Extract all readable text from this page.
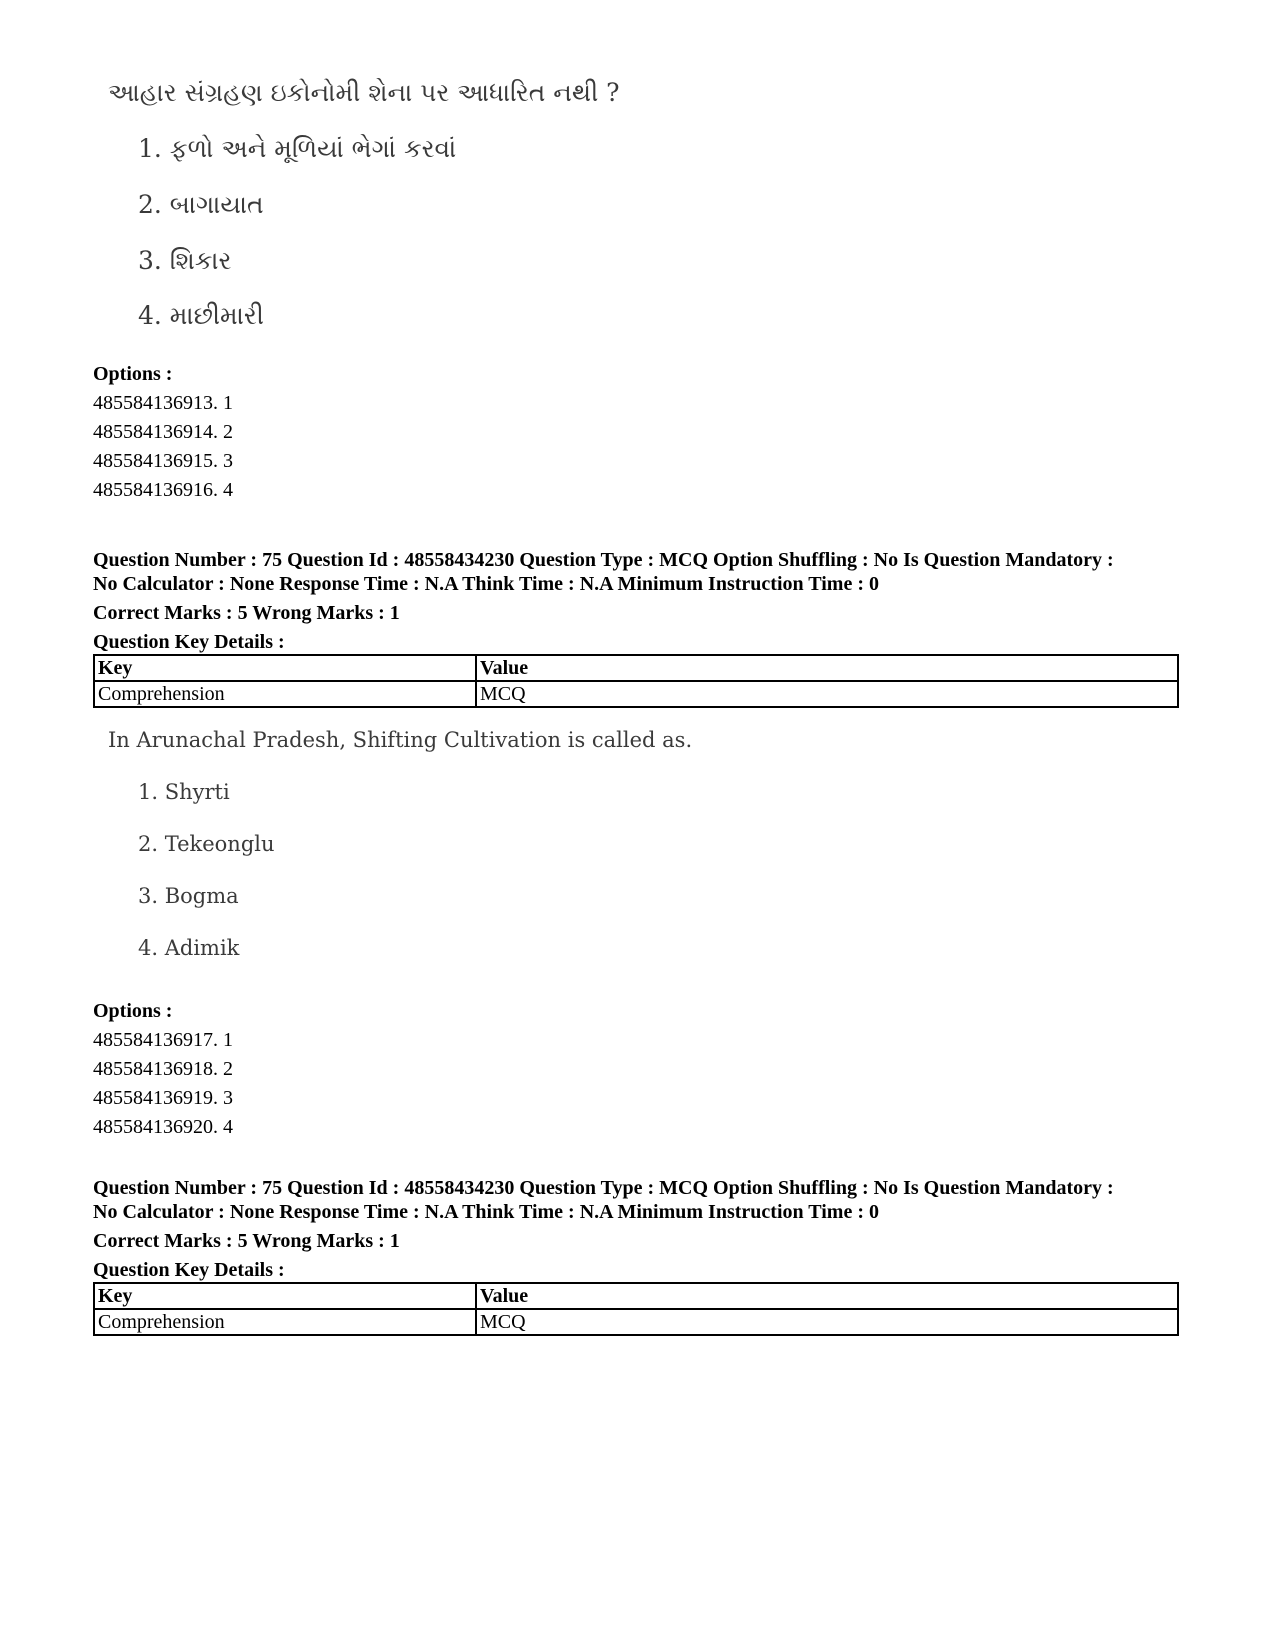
આહાર સંગ્રહણ ઇકોનોમી શેના પર આધારિત નથી ?
1. ફળો અને મૂળિયાં ભેગાં કરવાં
2. બાગાયાત
3. શિકાર
4. માછીમારી
Options :
485584136913. 1
485584136914. 2
485584136915. 3
485584136916. 4
Question Number : 75 Question Id : 48558434230 Question Type : MCQ Option Shuffling : No Is Question Mandatory :
No Calculator : None Response Time : N.A Think Time : N.A Minimum Instruction Time : 0
Correct Marks : 5 Wrong Marks : 1
Question Key Details :
Key	Value
Comprehension	MCQ
In Arunachal Pradesh, Shifting Cultivation is called as.
1. Shyrti
2. Tekeonglu
3. Bogma
4. Adimik
Options :
485584136917. 1
485584136918. 2
485584136919. 3
485584136920. 4
Question Number : 75 Question Id : 48558434230 Question Type : MCQ Option Shuffling : No Is Question Mandatory :
No Calculator : None Response Time : N.A Think Time : N.A Minimum Instruction Time : 0
Correct Marks : 5 Wrong Marks : 1
Question Key Details :
Key	Value
Comprehension	MCQ
